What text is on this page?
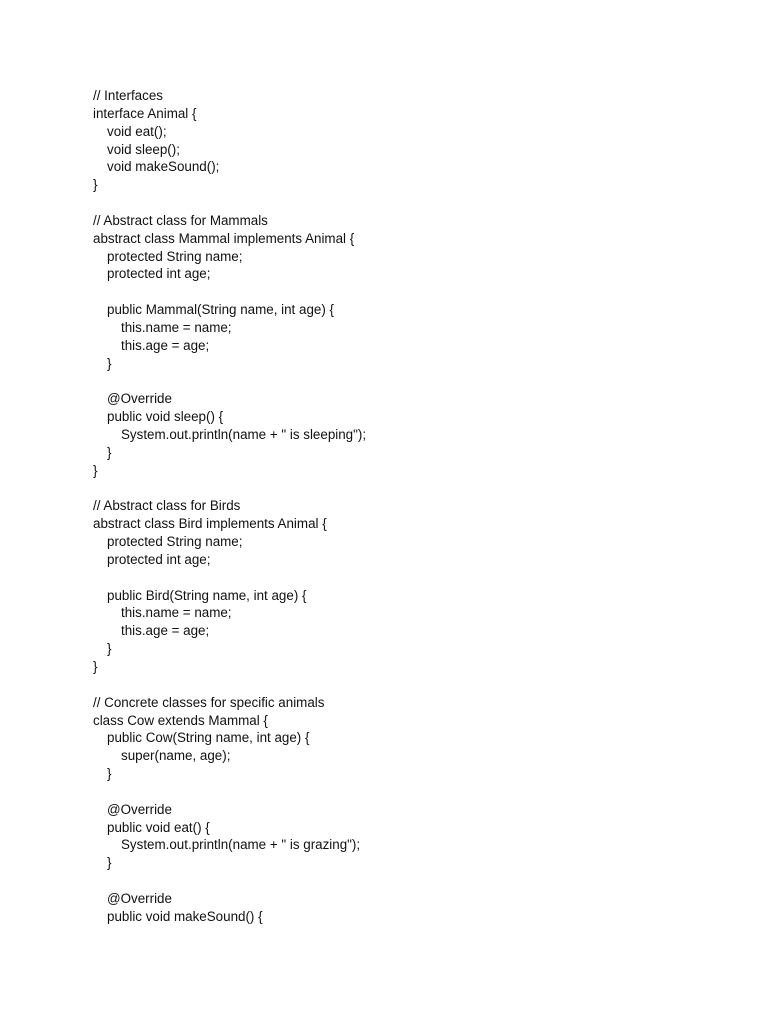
// Interfaces
interface Animal {
void eat();
void sleep();
void makeSound();
}
// Abstract class for Mammals
abstract class Mammal implements Animal {
protected String name;
protected int age;
public Mammal(String name, int age) {
this.name = name;
this.age = age;
}
@Override
public void sleep() {
System.out.println(name + " is sleeping");
}
}
// Abstract class for Birds
abstract class Bird implements Animal {
protected String name;
protected int age;
public Bird(String name, int age) {
this.name = name;
this.age = age;
}
}
// Concrete classes for specific animals
class Cow extends Mammal {
public Cow(String name, int age) {
super(name, age);
}
@Override
public void eat() {
System.out.println(name + " is grazing");
}
@Override
public void makeSound() {
